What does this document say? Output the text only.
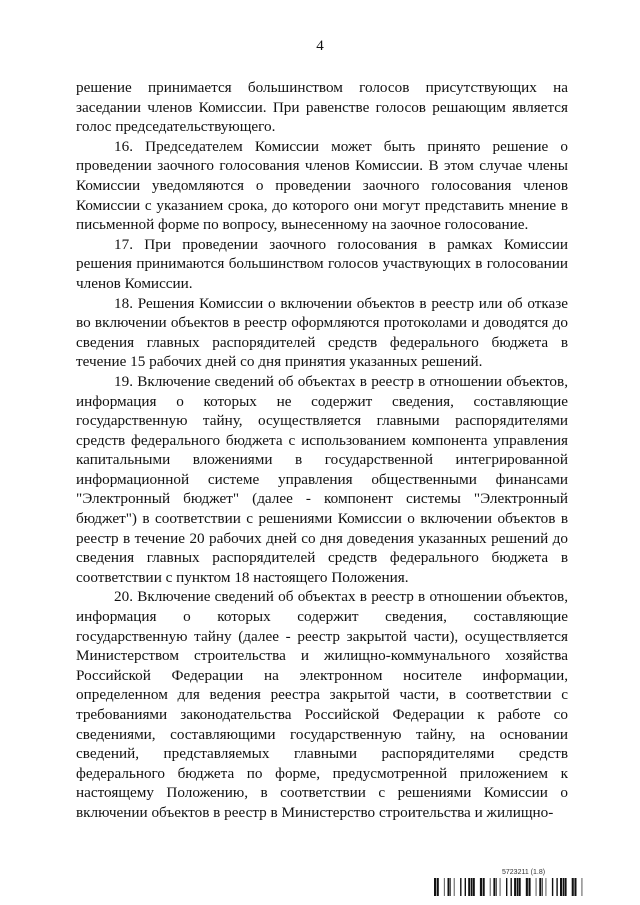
4

решение принимается большинством голосов присутствующих на заседании членов Комиссии. При равенстве голосов решающим является голос председательствующего.

16. Председателем Комиссии может быть принято решение о проведении заочного голосования членов Комиссии. В этом случае члены Комиссии уведомляются о проведении заочного голосования членов Комиссии с указанием срока, до которого они могут представить мнение в письменной форме по вопросу, вынесенному на заочное голосование.

17. При проведении заочного голосования в рамках Комиссии решения принимаются большинством голосов участвующих в голосовании членов Комиссии.

18. Решения Комиссии о включении объектов в реестр или об отказе во включении объектов в реестр оформляются протоколами и доводятся до сведения главных распорядителей средств федерального бюджета в течение 15 рабочих дней со дня принятия указанных решений.

19. Включение сведений об объектах в реестр в отношении объектов, информация о которых не содержит сведения, составляющие государственную тайну, осуществляется главными распорядителями средств федерального бюджета с использованием компонента управления капитальными вложениями в государственной интегрированной информационной системе управления общественными финансами "Электронный бюджет" (далее - компонент системы "Электронный бюджет") в соответствии с решениями Комиссии о включении объектов в реестр в течение 20 рабочих дней со дня доведения указанных решений до сведения главных распорядителей средств федерального бюджета в соответствии с пунктом 18 настоящего Положения.

20. Включение сведений об объектах в реестр в отношении объектов, информация о которых содержит сведения, составляющие государственную тайну (далее - реестр закрытой части), осуществляется Министерством строительства и жилищно-коммунального хозяйства Российской Федерации на электронном носителе информации, определенном для ведения реестра закрытой части, в соответствии с требованиями законодательства Российской Федерации к работе со сведениями, составляющими государственную тайну, на основании сведений, представляемых главными распорядителями средств федерального бюджета по форме, предусмотренной приложением к настоящему Положению, в соответствии с решениями Комиссии о включении объектов в реестр в Министерство строительства и жилищно-

5723211 (1.8)
